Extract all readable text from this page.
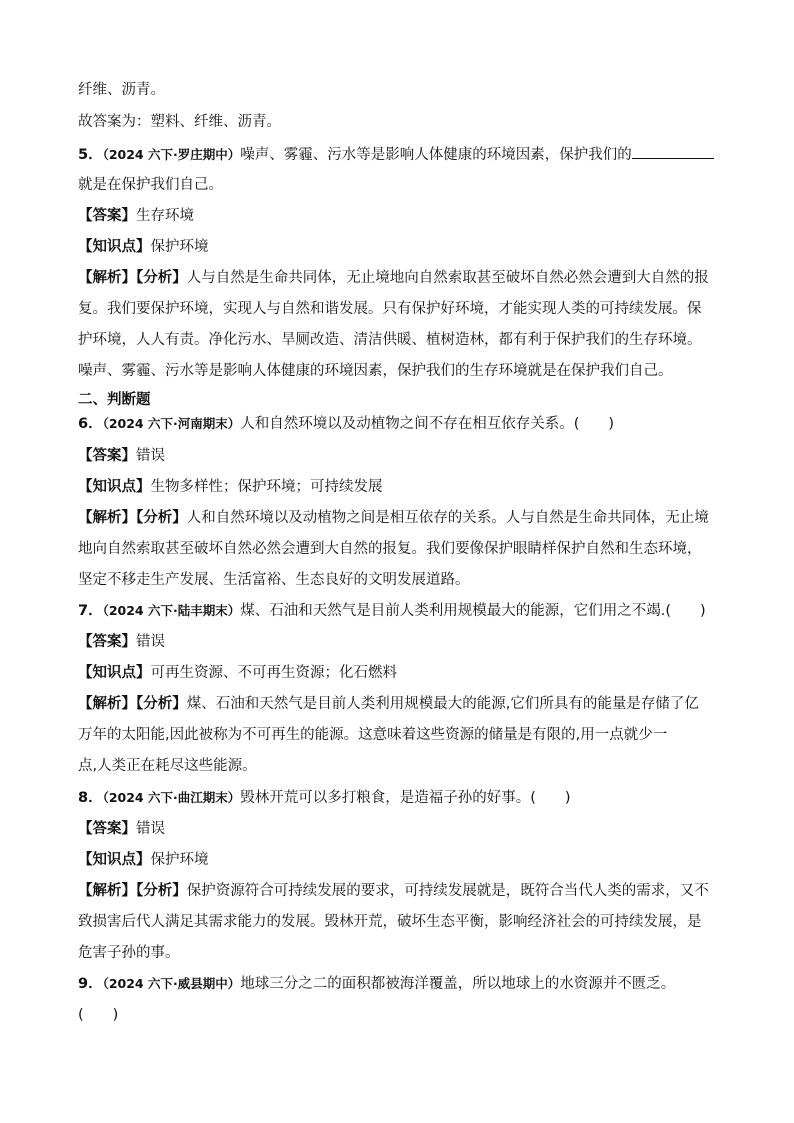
纤维、沥青。
故答案为：塑料、纤维、沥青。
5．（2024 六下·罗庄期中）噪声、雾霾、污水等是影响人体健康的环境因素，保护我们的
就是在保护我们自己。
【答案】生存环境
【知识点】保护环境
【解析】【分析】人与自然是生命共同体，无止境地向自然索取甚至破坏自然必然会遭到大自然的报
复。我们要保护环境，实现人与自然和谐发展。只有保护好环境，才能实现人类的可持续发展。保
护环境，人人有责。净化污水、旱厕改造、清洁供暖、植树造林，都有利于保护我们的生存环境。
噪声、雾霾、污水等是影响人体健康的环境因素，保护我们的生存环境就是在保护我们自己。
二、判断题
6．（2024 六下·河南期末）人和自然环境以及动植物之间不存在相互依存关系。(　　)
【答案】错误
【知识点】生物多样性；保护环境；可持续发展
【解析】【分析】人和自然环境以及动植物之间是相互依存的关系。人与自然是生命共同体，无止境
地向自然索取甚至破坏自然必然会遭到大自然的报复。我们要像保护眼睛样保护自然和生态环境，
坚定不移走生产发展、生活富裕、生态良好的文明发展道路。
7．（2024 六下·陆丰期末）煤、石油和天然气是目前人类利用规模最大的能源，它们用之不竭.(　　)
【答案】错误
【知识点】可再生资源、不可再生资源；化石燃料
【解析】【分析】煤、石油和天然气是目前人类利用规模最大的能源,它们所具有的能量是存储了亿
万年的太阳能,因此被称为不可再生的能源。这意味着这些资源的储量是有限的,用一点就少一
点,人类正在耗尽这些能源。
8．（2024 六下·曲江期末）毁林开荒可以多打粮食，是造福子孙的好事。(　　)
【答案】错误
【知识点】保护环境
【解析】【分析】保护资源符合可持续发展的要求，可持续发展就是，既符合当代人类的需求，又不
致损害后代人满足其需求能力的发展。毁林开荒，破坏生态平衡，影响经济社会的可持续发展，是
危害子孙的事。
9．（2024 六下·威县期中）地球三分之二的面积都被海洋覆盖，所以地球上的水资源并不匮乏。
(　　)
